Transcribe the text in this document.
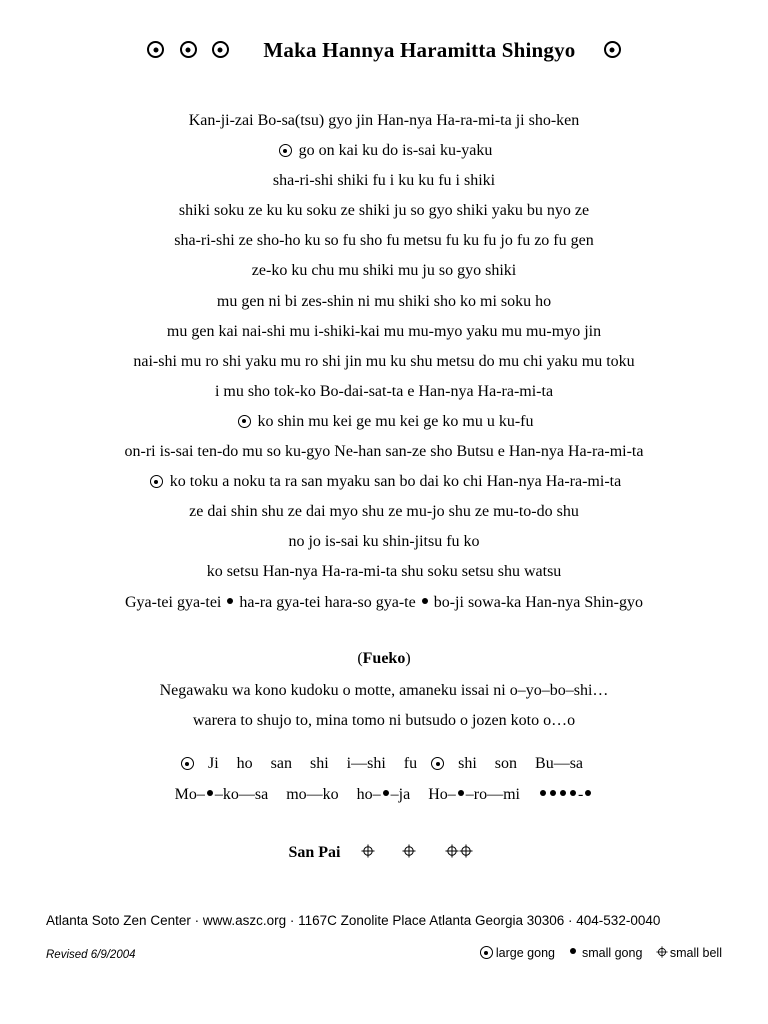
Maka Hannya Haramitta Shingyo
Kan-ji-zai Bo-sa(tsu) gyo jin Han-nya Ha-ra-mi-ta ji sho-ken
go on kai ku do is-sai ku-yaku
sha-ri-shi shiki fu i ku ku fu i shiki
shiki soku ze ku ku soku ze shiki ju so gyo shiki yaku bu nyo ze
sha-ri-shi ze sho-ho ku so fu sho fu metsu fu ku fu jo fu zo fu gen
ze-ko ku chu mu shiki mu ju so gyo shiki
mu gen ni bi zes-shin ni mu shiki sho ko mi soku ho
mu gen kai nai-shi mu i-shiki-kai mu mu-myo yaku mu mu-myo jin
nai-shi mu ro shi yaku mu ro shi jin mu ku shu metsu do mu chi yaku mu toku
i mu sho tok-ko Bo-dai-sat-ta e Han-nya Ha-ra-mi-ta
ko shin mu kei ge mu kei ge ko mu u ku-fu
on-ri is-sai ten-do mu so ku-gyo Ne-han san-ze sho Butsu e Han-nya Ha-ra-mi-ta
ko toku a noku ta ra san myaku san bo dai ko chi Han-nya Ha-ra-mi-ta
ze dai shin shu ze dai myo shu ze mu-jo shu ze mu-to-do shu
no jo is-sai ku shin-jitsu fu ko
ko setsu Han-nya Ha-ra-mi-ta shu soku setsu shu watsu
Gya-tei gya-tei ha-ra gya-tei hara-so gya-te bo-ji sowa-ka Han-nya Shin-gyo
(Fueko)
Negawaku wa kono kudoku o motte, amaneku issai ni o–yo–bo–shi…
warera to shujo to, mina tomo ni butsudo o jozen koto o…o
Ji ho san shi i—shi fu	shi son Bu—sa
Mo– –ko—sa mo—ko ho– –ja Ho– –ro—mi	-
San Pai
Atlanta Soto Zen Center · www.aszc.org · 1167C Zonolite Place Atlanta Georgia 30306 · 404-532-0040
Revised 6/9/2004	large gong small gong small bell
